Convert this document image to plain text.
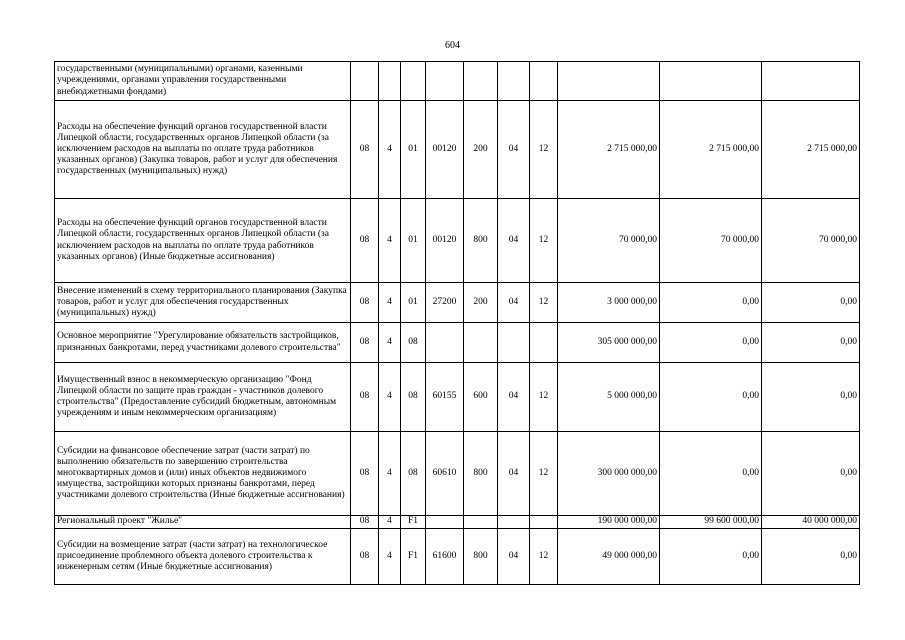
604
государственными (муниципальными) органами, казенными учреждениями, органами управления государственными внебюджетными фондами)										
Расходы на обеспечение функций органов государственной власти Липецкой области, государственных органов Липецкой области (за исключением расходов на выплаты по оплате труда работников указанных органов) (Закупка товаров, работ и услуг для обеспечения государственных (муниципальных) нужд)	08	4	01	00120	200	04	12	2 715 000,00	2 715 000,00	2 715 000,00
Расходы на обеспечение функций органов государственной власти Липецкой области, государственных органов Липецкой области (за исключением расходов на выплаты по оплате труда работников указанных органов) (Иные бюджетные ассигнования)	08	4	01	00120	800	04	12	70 000,00	70 000,00	70 000,00
Внесение изменений в схему территориального планирования (Закупка товаров, работ и услуг для обеспечения государственных (муниципальных) нужд)	08	4	01	27200	200	04	12	3 000 000,00	0,00	0,00
Основное мероприятие "Урегулирование обязательств застройщиков, признанных банкротами, перед участниками долевого строительства"	08	4	08					305 000 000,00	0,00	0,00
Имущественный взнос в некоммерческую организацию "Фонд Липецкой области по защите прав граждан - участников долевого строительства" (Предоставление субсидий бюджетным, автономным учреждениям и иным некоммерческим организациям)	08	4	08	60155	600	04	12	5 000 000,00	0,00	0,00
Субсидии на финансовое обеспечение затрат (части затрат) по выполнению обязательств по завершению строительства многоквартирных домов и (или) иных объектов недвижимого имущества, застройщики которых признаны банкротами, перед участниками долевого строительства (Иные бюджетные ассигнования)	08	4	08	60610	800	04	12	300 000 000,00	0,00	0,00
Региональный проект "Жилье"	08	4	F1					190 000 000,00	99 600 000,00	40 000 000,00
Субсидии на возмещение затрат (части затрат) на технологическое присоединение проблемного объекта долевого строительства к инженерным сетям (Иные бюджетные ассигнования)	08	4	F1	61600	800	04	12	49 000 000,00	0,00	0,00
